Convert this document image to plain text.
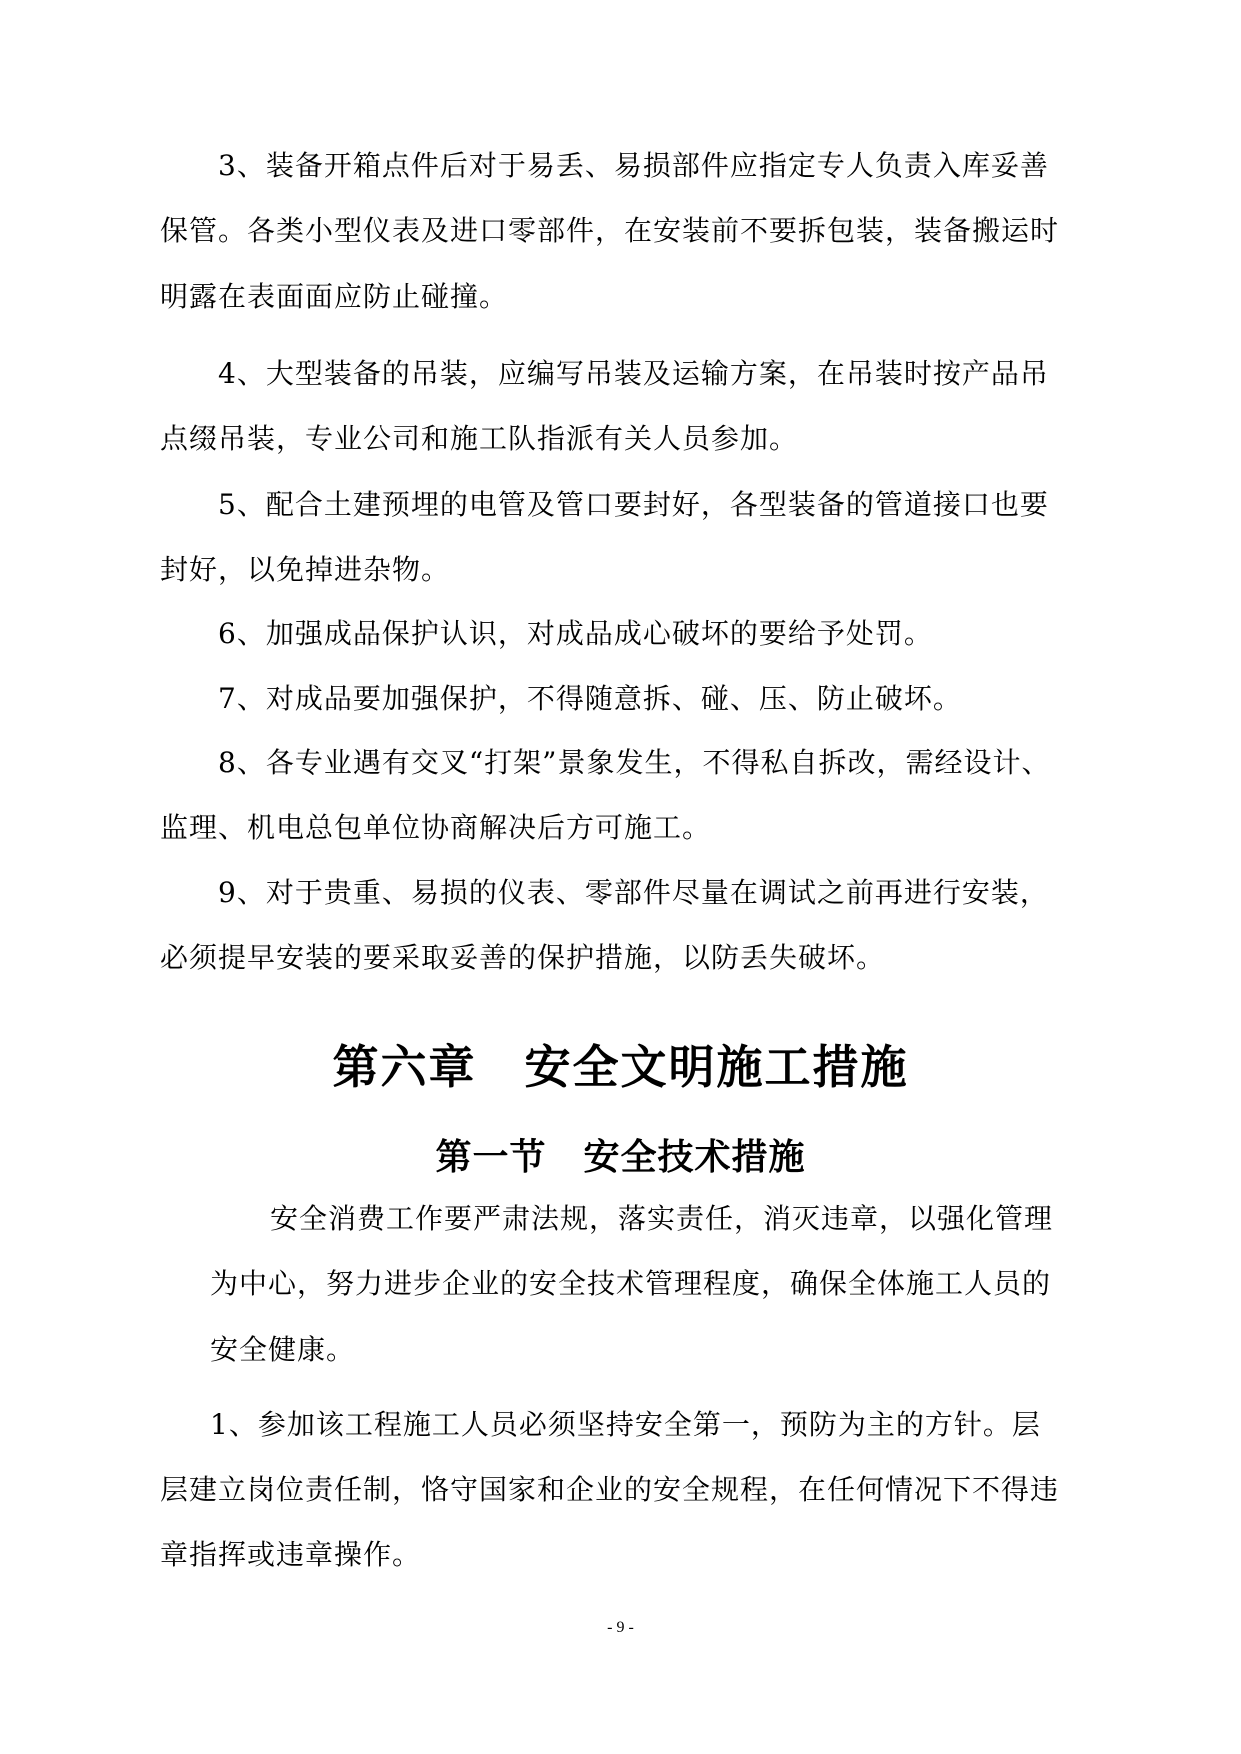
3、装备开箱点件后对于易丢、易损部件应指定专人负责入库妥善

保管。各类小型仪表及进口零部件，在安装前不要拆包装，装备搬运时

明露在表面面应防止碰撞。

4、大型装备的吊装，应编写吊装及运输方案，在吊装时按产品吊

点缀吊装，专业公司和施工队指派有关人员参加。

5、配合土建预埋的电管及管口要封好，各型装备的管道接口也要

封好，以免掉进杂物。

6、加强成品保护认识，对成品成心破坏的要给予处罚。

7、对成品要加强保护，不得随意拆、碰、压、防止破坏。

8、各专业遇有交叉“打架”景象发生，不得私自拆改，需经设计、

监理、机电总包单位协商解决后方可施工。

9、对于贵重、易损的仪表、零部件尽量在调试之前再进行安装，

必须提早安装的要采取妥善的保护措施，以防丢失破坏。

第六章　安全文明施工措施
第一节　安全技术措施

安全消费工作要严肃法规，落实责任，消灭违章，以强化管理

为中心，努力进步企业的安全技术管理程度，确保全体施工人员的

安全健康。

1、参加该工程施工人员必须坚持安全第一，预防为主的方针。层

层建立岗位责任制，恪守国家和企业的安全规程，在任何情况下不得违

章指挥或违章操作。

- 9 -
